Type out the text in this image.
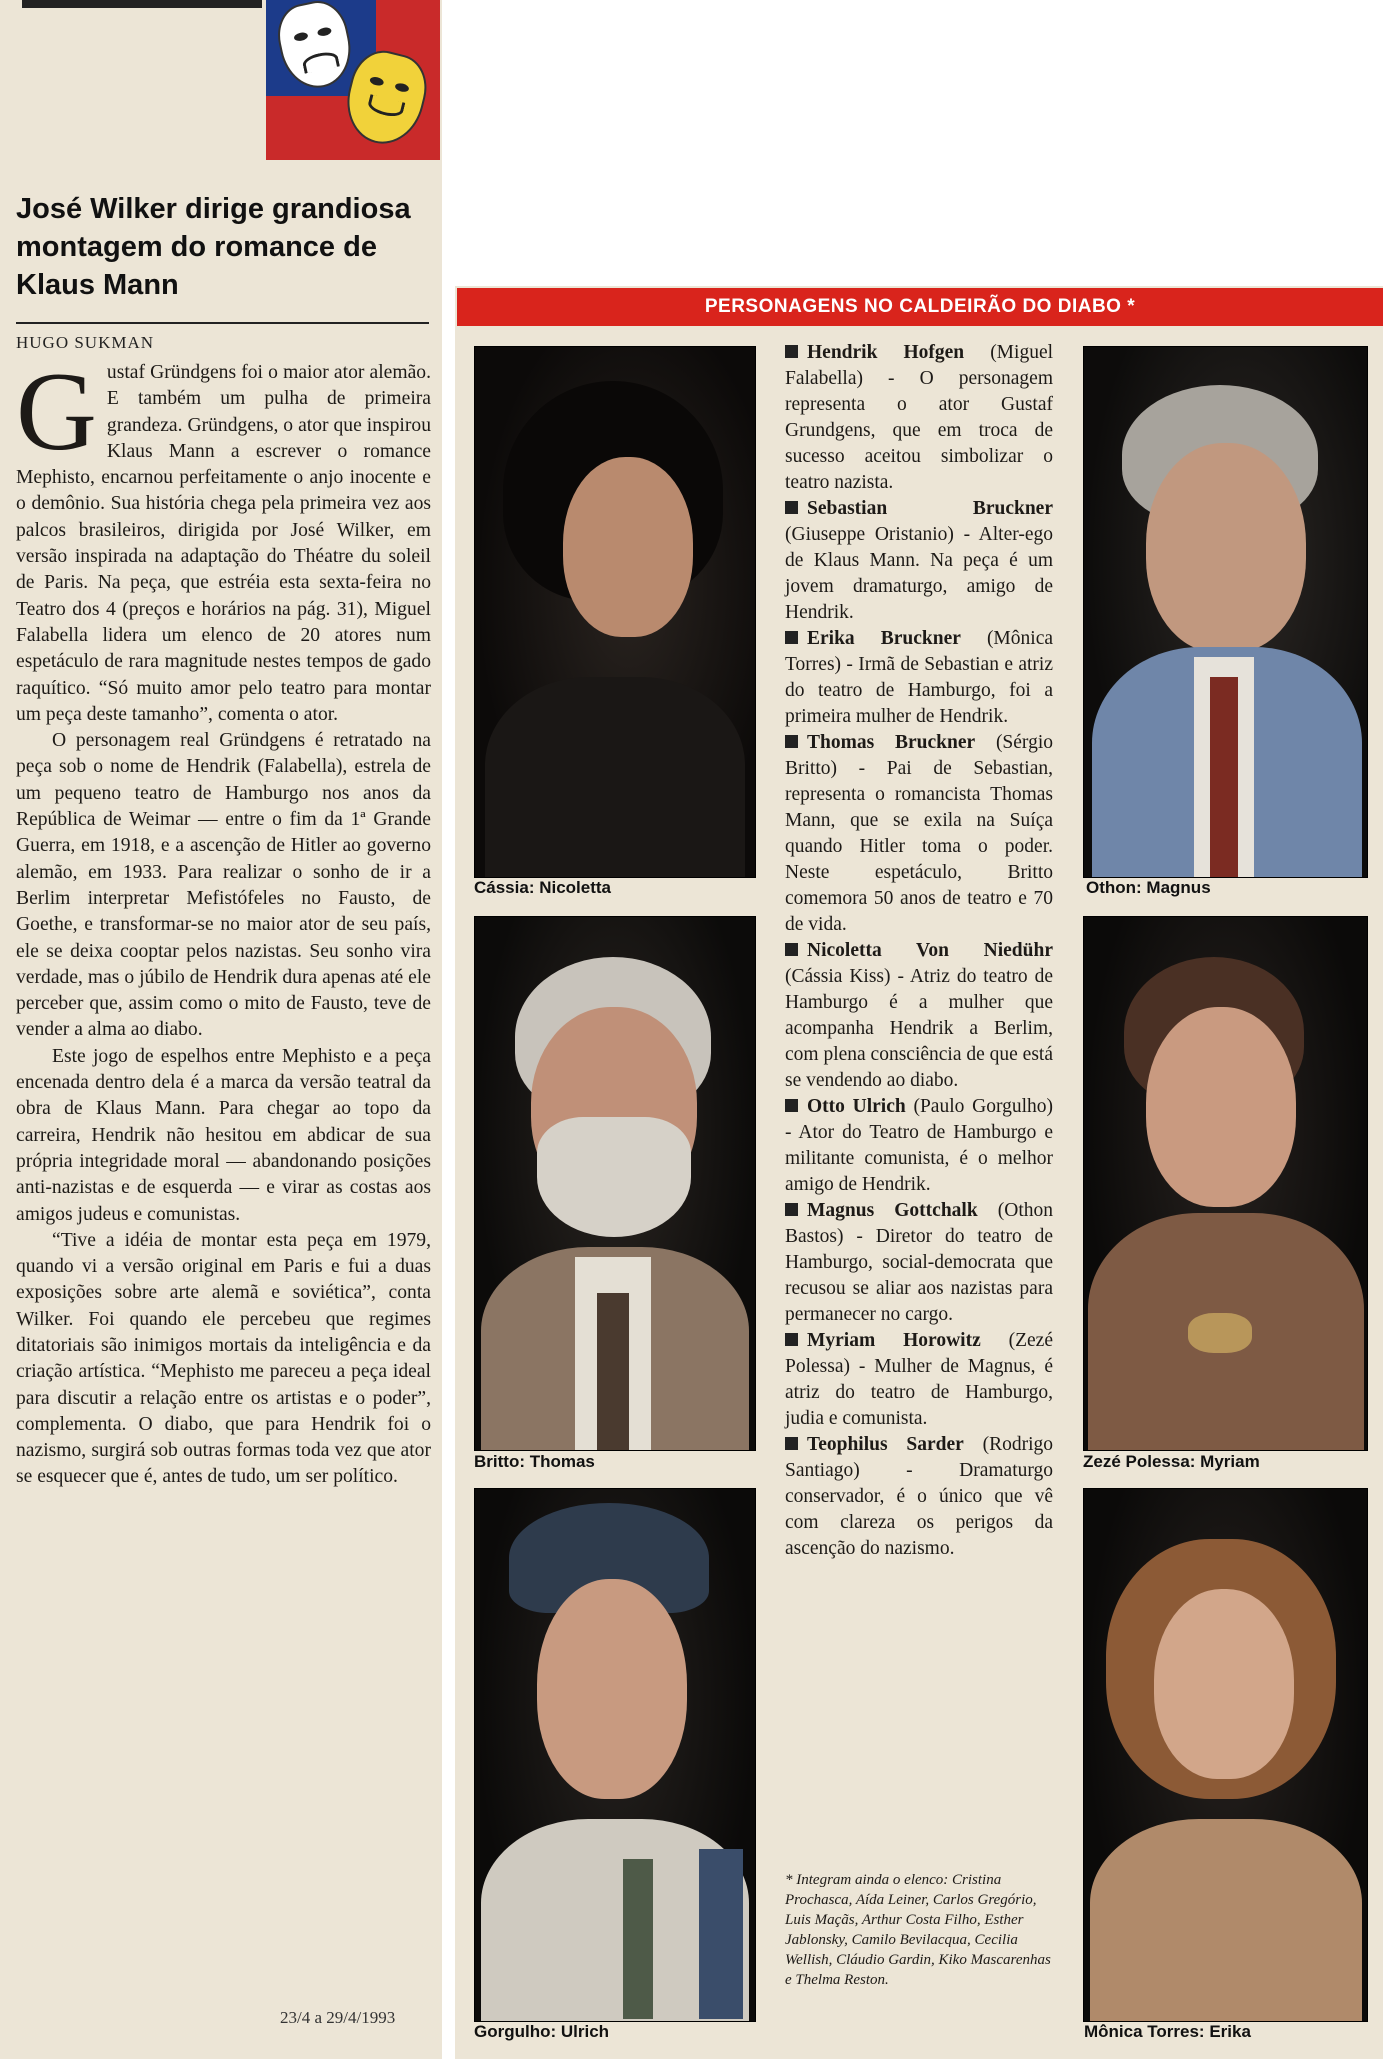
José Wilker dirige grandiosa montagem do romance de Klaus Mann
HUGO SUKMAN

Gustaf Gründgens foi o maior ator alemão. E também um pulha de primeira grandeza. Gründgens, o ator que inspirou Klaus Mann a escrever o romance Mephisto, encarnou perfeitamente o anjo inocente e o demônio. Sua história chega pela primeira vez aos palcos brasileiros, dirigida por José Wilker, em versão inspirada na adaptação do Théatre du soleil de Paris. Na peça, que estréia esta sexta-feira no Teatro dos 4 (preços e horários na pág. 31), Miguel Falabella lidera um elenco de 20 atores num espetáculo de rara magnitude nestes tempos de gado raquítico. “Só muito amor pelo teatro para montar um peça deste tamanho”, comenta o ator.

O personagem real Gründgens é retratado na peça sob o nome de Hendrik (Falabella), estrela de um pequeno teatro de Hamburgo nos anos da República de Weimar — entre o fim da 1ª Grande Guerra, em 1918, e a ascenção de Hitler ao governo alemão, em 1933. Para realizar o sonho de ir a Berlim interpretar Mefistófeles no Fausto, de Goethe, e transformar-se no maior ator de seu país, ele se deixa cooptar pelos nazistas. Seu sonho vira verdade, mas o júbilo de Hendrik dura apenas até ele perceber que, assim como o mito de Fausto, teve de vender a alma ao diabo.

Este jogo de espelhos entre Mephisto e a peça encenada dentro dela é a marca da versão teatral da obra de Klaus Mann. Para chegar ao topo da carreira, Hendrik não hesitou em abdicar de sua própria integridade moral — abandonando posições anti-nazistas e de esquerda — e virar as costas aos amigos judeus e comunistas.

“Tive a idéia de montar esta peça em 1979, quando vi a versão original em Paris e fui a duas exposições sobre arte alemã e soviética”, conta Wilker. Foi quando ele percebeu que regimes ditatoriais são inimigos mortais da inteligência e da criação artística. “Mephisto me pareceu a peça ideal para discutir a relação entre os artistas e o poder”, complementa. O diabo, que para Hendrik foi o nazismo, surgirá sob outras formas toda vez que ator se esquecer que é, antes de tudo, um ser político.

23/4 a 29/4/1993
PERSONAGENS NO CALDEIRÃO DO DIABO *
Cássia: Nicoletta	Othon: Magnus
Britto: Thomas	Zezé Polessa: Myriam
Gorgulho: Ulrich	Mônica Torres: Erika

Hendrik Hofgen (Miguel Falabella) - O personagem representa o ator Gustaf Grundgens, que em troca de sucesso aceitou simbolizar o teatro nazista.

Sebastian Bruckner (Giuseppe Oristanio) - Alter-ego de Klaus Mann. Na peça é um jovem dramaturgo, amigo de Hendrik.

Erika Bruckner (Mônica Torres) - Irmã de Sebastian e atriz do teatro de Hamburgo, foi a primeira mulher de Hendrik.

Thomas Bruckner (Sérgio Britto) - Pai de Sebastian, representa o romancista Thomas Mann, que se exila na Suíça quando Hitler toma o poder. Neste espetáculo, Britto comemora 50 anos de teatro e 70 de vida.

Nicoletta Von Niedühr (Cássia Kiss) - Atriz do teatro de Hamburgo é a mulher que acompanha Hendrik a Berlim, com plena consciência de que está se vendendo ao diabo.

Otto Ulrich (Paulo Gorgulho) - Ator do Teatro de Hamburgo e militante comunista, é o melhor amigo de Hendrik.

Magnus Gottchalk (Othon Bastos) - Diretor do teatro de Hamburgo, social-democrata que recusou se aliar aos nazistas para permanecer no cargo.

Myriam Horowitz (Zezé Polessa) - Mulher de Magnus, é atriz do teatro de Hamburgo, judia e comunista.

Teophilus Sarder (Rodrigo Santiago) - Dramaturgo conservador, é o único que vê com clareza os perigos da ascenção do nazismo.

* Integram ainda o elenco: Cristina Prochasca, Aída Leiner, Carlos Gregório, Luis Maçãs, Arthur Costa Filho, Esther Jablonsky, Camilo Bevilacqua, Cecilia Wellish, Cláudio Gardin, Kiko Mascarenhas e Thelma Reston.
